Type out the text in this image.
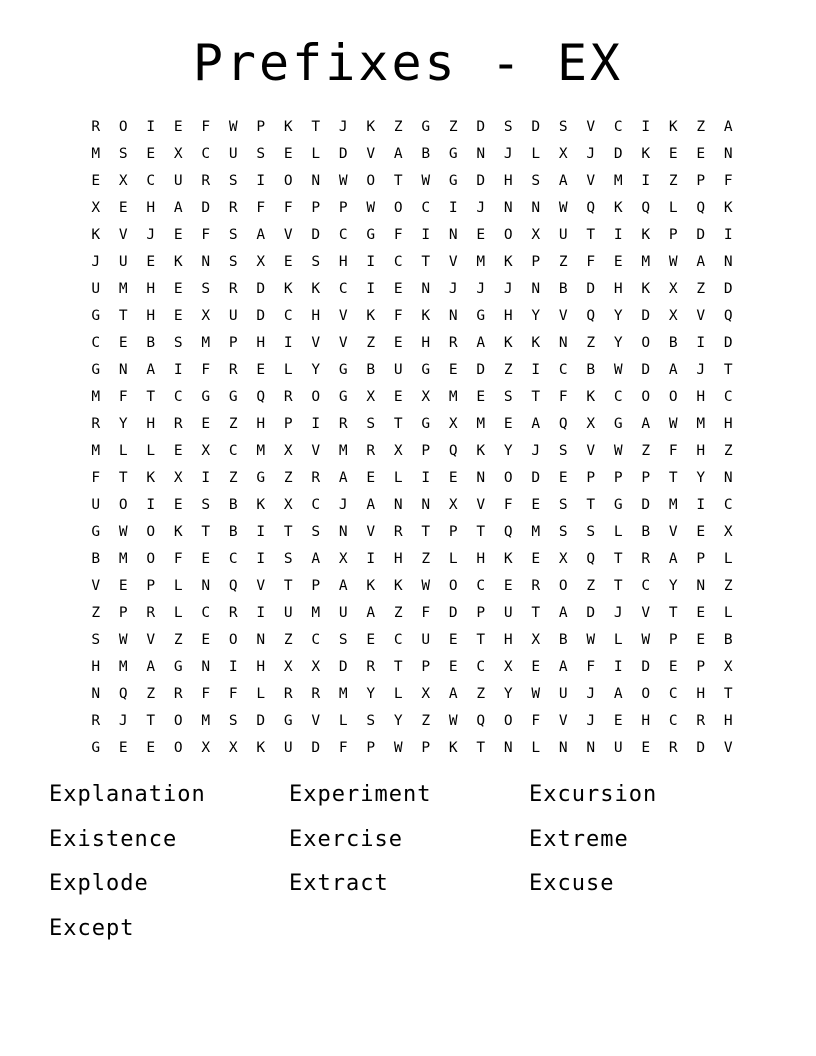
Prefixes - EX
R	O	I	E	F	W	P	K	T	J	K	Z	G	Z	D	S	D	S	V	C	I	K	Z	A
M	S	E	X	C	U	S	E	L	D	V	A	B	G	N	J	L	X	J	D	K	E	E	N
E	X	C	U	R	S	I	O	N	W	O	T	W	G	D	H	S	A	V	M	I	Z	P	F
X	E	H	A	D	R	F	F	P	P	W	O	C	I	J	N	N	W	Q	K	Q	L	Q	K
K	V	J	E	F	S	A	V	D	C	G	F	I	N	E	O	X	U	T	I	K	P	D	I
J	U	E	K	N	S	X	E	S	H	I	C	T	V	M	K	P	Z	F	E	M	W	A	N
U	M	H	E	S	R	D	K	K	C	I	E	N	J	J	J	N	B	D	H	K	X	Z	D
G	T	H	E	X	U	D	C	H	V	K	F	K	N	G	H	Y	V	Q	Y	D	X	V	Q
C	E	B	S	M	P	H	I	V	V	Z	E	H	R	A	K	K	N	Z	Y	O	B	I	D
G	N	A	I	F	R	E	L	Y	G	B	U	G	E	D	Z	I	C	B	W	D	A	J	T
M	F	T	C	G	G	Q	R	O	G	X	E	X	M	E	S	T	F	K	C	O	O	H	C
R	Y	H	R	E	Z	H	P	I	R	S	T	G	X	M	E	A	Q	X	G	A	W	M	H
M	L	L	E	X	C	M	X	V	M	R	X	P	Q	K	Y	J	S	V	W	Z	F	H	Z
F	T	K	X	I	Z	G	Z	R	A	E	L	I	E	N	O	D	E	P	P	P	T	Y	N
U	O	I	E	S	B	K	X	C	J	A	N	N	X	V	F	E	S	T	G	D	M	I	C
G	W	O	K	T	B	I	T	S	N	V	R	T	P	T	Q	M	S	S	L	B	V	E	X
B	M	O	F	E	C	I	S	A	X	I	H	Z	L	H	K	E	X	Q	T	R	A	P	L
V	E	P	L	N	Q	V	T	P	A	K	K	W	O	C	E	R	O	Z	T	C	Y	N	Z
Z	P	R	L	C	R	I	U	M	U	A	Z	F	D	P	U	T	A	D	J	V	T	E	L
S	W	V	Z	E	O	N	Z	C	S	E	C	U	E	T	H	X	B	W	L	W	P	E	B
H	M	A	G	N	I	H	X	X	D	R	T	P	E	C	X	E	A	F	I	D	E	P	X
N	Q	Z	R	F	F	L	R	R	M	Y	L	X	A	Z	Y	W	U	J	A	O	C	H	T
R	J	T	O	M	S	D	G	V	L	S	Y	Z	W	Q	O	F	V	J	E	H	C	R	H
G	E	E	O	X	X	K	U	D	F	P	W	P	K	T	N	L	N	N	U	E	R	D	V
Explanation	Experiment	Excursion
Existence	Exercise	Extreme
Explode	Extract	Excuse
Except
